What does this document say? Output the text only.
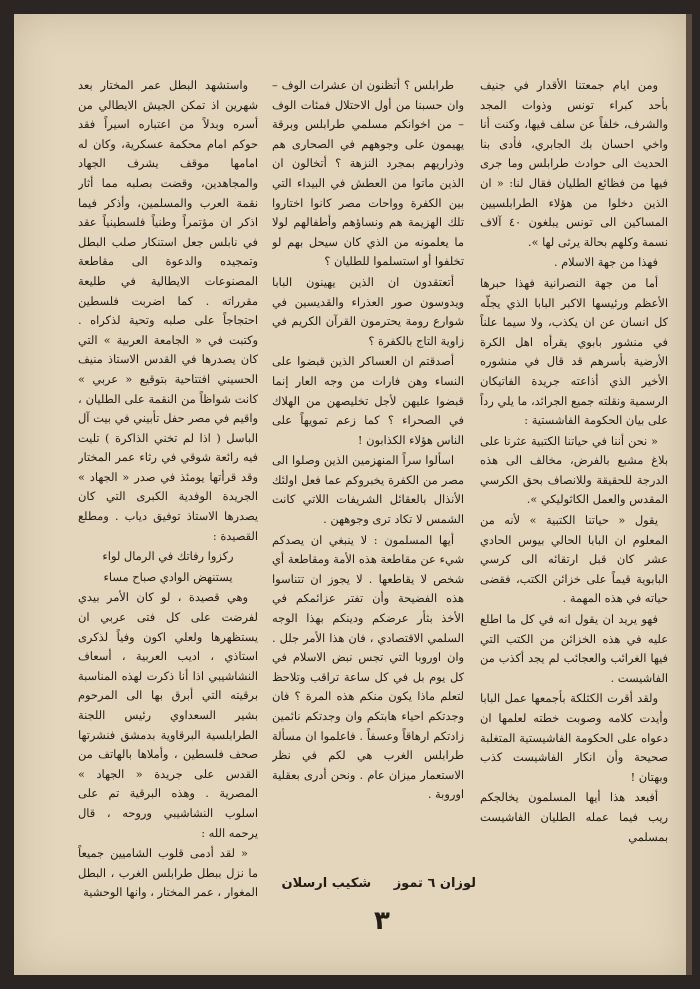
ومن ايام جمعتنا الأقدار في جنيف بأحد كبراء تونس وذوات المجد والشرف، خلفاً عن سلف فيها، وكنت أنا واخي احسان بك الجابري، فأدى بنا الحديث الى حوادث طرابلس وما جرى فيها من فظائع الطليان فقال لنا: « ان الذين دخلوا من هؤلاء الطرابلسيين المساكين الى تونس يبلغون ٤٠ آلاف نسمة وكلهم بحالة يرثى لها ».

فهذا من جهة الاسلام .

أما من جهة النصرانية فهذا حبرها الأعظم ورئيسها الاكبر البابا الذي يجلّه كل انسان عن ان يكذب، ولا سيما علناً في منشور بابوي يقرأه اهل الكرة الأرضية بأسرهم قد قال في منشوره الأخير الذي أذاعته جريدة الفاتيكان الرسمية ونقلته جميع الجرائد، ما يلي رداً على بيان الحكومة الفاشستية :

« نحن أننا في حياتنا الكتبية عثرنا على بلاغ مشبع بالفرض، مخالف الى هذه الدرجة للحقيقة وللانصاف بحق الكرسي المقدس والعمل الكاثوليكي ».

يقول « حياتنا الكتبية » لأنه من المعلوم ان البابا الحالي بيوس الحادي عشر كان قبل ارتقائه الى كرسي البابوية قيماً على خزائن الكتب، فقضى حياته في هذه المهمة .

فهو يريد ان يقول انه في كل ما اطلع عليه في هذه الخزائن من الكتب التي فيها الغرائب والعجائب لم يجد أكذب من الفاشيست .

ولقد أقرت الكثلكة بأجمعها عمل البابا وأيدت كلامه وصوبت خطته لعلمها ان دعواه على الحكومة الفاشيستية المتغلبة صحيحة وأن انكار الفاشيست كذب وبهتان !

أفبعد هذا أيها المسلمون يخالجكم ريب فيما عمله الطليان الفاشيست بمسلمي

طرابلس ؟ أتظنون ان عشرات الوف – وان حسبنا من أول الاحتلال فمئات الوف – من اخوانكم مسلمي طرابلس وبرقة يهيمون على وجوههم في الصحارى هم وذراريهم بمجرد النزهة ؟ أتخالون ان الذين ماتوا من العطش في البيداء التي بين الكفرة وواحات مصر كانوا اختاروا تلك الهزيمة هم ونساؤهم وأطفالهم لولا ما يعلمونه من الذي كان سيحل بهم لو تخلفوا أو استسلموا للطليان ؟

أتعتقدون ان الذين يهينون البابا ويدوسون صور العذراء والقديسين في شوارع رومة يحترمون القرآن الكريم في زاوية التاج بالكفرة ؟

أصدقتم ان العساكر الذين قبضوا على النساء وهن فارات من وجه العار إنما قبضوا عليهن لأجل تخليصهن من الهلاك في الصحراء ؟ كما زعم تمويهاً على الناس هؤلاء الكذابون !

اسألوا سراً المنهزمين الذين وصلوا الى مصر من الكفرة يخبروكم عما فعل اولئك الأنذال بالعقائل الشريفات اللاتي كانت الشمس لا تكاد ترى وجوههن .

أيها المسلمون : لا ينبغي ان يصدكم شيء عن مقاطعة هذه الأمة ومقاطعة أي شخص لا يقاطعها . لا يجوز ان تتناسوا هذه الفضيحة وأن تفتر عزائمكم في الأخذ بثأر عرضكم ودينكم بهذا الوجه السلمي الاقتصادي ، فان هذا الأمر جلل . وان اوروبا التي تجس نبض الاسلام في كل يوم بل في كل ساعة تراقب وتلاحظ لتعلم ماذا يكون منكم هذه المرة ؟ فان وجدتكم احياء هابتكم وان وجدتكم نائمين زادتكم ارهاقاً وعسفاً . فاعلموا ان مسألة طرابلس الغرب هي لكم في نظر الاستعمار ميزان عام . ونحن أدرى بعقلية اوروبة .

لوزان ٦ تموز شكيب ارسلان

واستشهد البطل عمر المختار بعد شهرين اذ تمكن الجيش الايطالي من أسره وبدلاً من اعتباره اسيراً فقد حوكم امام محكمة عسكرية، وكان له امامها موقف يشرف الجهاد والمجاهدين، وقضت بصلبه مما أثار نقمة العرب والمسلمين، وأذكر فيما اذكر ان مؤتمراً وطنياً فلسطينياً عقد في نابلس جعل استنكار صلب البطل وتمجيده والدعوة الى مقاطعة المصنوعات الايطالية في طليعة مقرراته . كما اضربت فلسطين احتجاجاً على صلبه وتحية لذكراه . وكتبت في « الجامعة العربية » التي كان يصدرها في القدس الاستاذ منيف الحسيني افتتاحية بتوقيع « عربي » كانت شواظاً من النقمة على الطليان ، واقيم في مصر حفل تأبيني في بيت آل الباسل ( اذا لم تخني الذاكرة ) تليت فيه رائعة شوقي في رثاء عمر المختار وقد قرأتها يومئذ في صدر « الجهاد » الجريدة الوفدية الكبرى التي كان يصدرها الاستاذ توفيق دياب . ومطلع القصيدة :

ركزوا رفاتك في الرمال لواء

يستنهض الوادي صباح مساء

وهي قصيدة ، لو كان الأمر بيدي لفرضت على كل فتى عربي ان يستظهرها ولعلي اكون وفياً لذكرى استاذي ، اديب العربية ، أسعاف النشاشيبي اذا أنا ذكرت لهذه المناسبة برقيته التي أبرق بها الى المرحوم بشير السعداوي رئيس اللجنة الطرابلسية البرقاوية بدمشق فنشرتها صحف فلسطين ، وأملاها بالهاتف من القدس على جريدة « الجهاد » المصرية . وهذه البرقية تم على اسلوب النشاشيبي وروحه ، قال يرحمه الله :

« لقد أدمى قلوب الشاميين جميعاً ما نزل ببطل طرابلس الغرب ، البطل المغوار ، عمر المختار ، وانها الوحشية

٣
